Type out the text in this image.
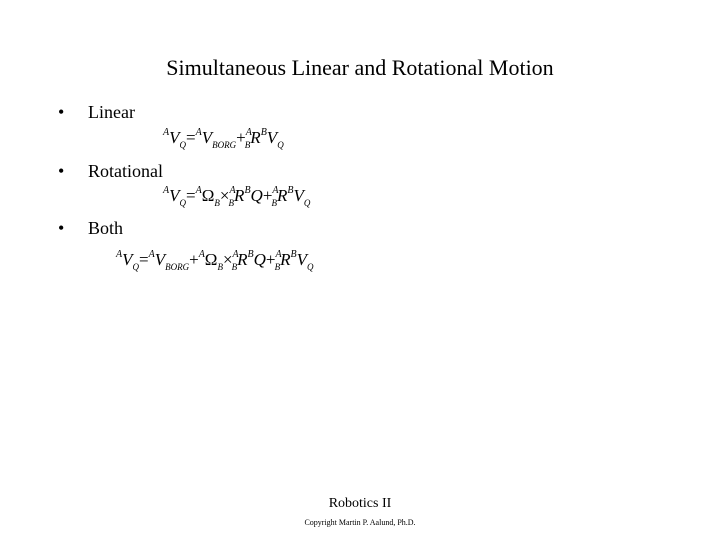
Simultaneous Linear and Rotational Motion
• Linear
$^AV_Q=^AV_{BORG}+^A_BR^BV_Q$
• Rotational
$^AV_Q=^A\Omega_B\times^A_BR^BQ+^A_BR^BV_Q$
• Both
$^AV_Q=^AV_{BORG}+^A\Omega_B\times^A_BR^BQ+^A_BR^BV_Q$
Robotics II
Copyright Martin P. Aalund, Ph.D.
